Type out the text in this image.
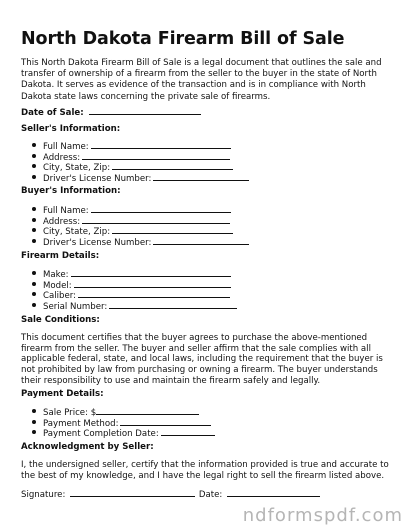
North Dakota Firearm Bill of Sale

This North Dakota Firearm Bill of Sale is a legal document that outlines the sale and transfer of ownership of a firearm from the seller to the buyer in the state of North Dakota. It serves as evidence of the transaction and is in compliance with North Dakota state laws concerning the private sale of firearms.

Date of Sale:
Seller's Information:
Full Name:
Address:
City, State, Zip:
Driver's License Number:
Buyer's Information:
Full Name:
Address:
City, State, Zip:
Driver's License Number:
Firearm Details:
Make:
Model:
Caliber:
Serial Number:
Sale Conditions:

This document certifies that the buyer agrees to purchase the above-mentioned firearm from the seller. The buyer and seller affirm that the sale complies with all applicable federal, state, and local laws, including the requirement that the buyer is not prohibited by law from purchasing or owning a firearm. The buyer understands their responsibility to use and maintain the firearm safely and legally.

Payment Details:
Sale Price: $
Payment Method:
Payment Completion Date:
Acknowledgment by Seller:

I, the undersigned seller, certify that the information provided is true and accurate to the best of my knowledge, and I have the legal right to sell the firearm listed above.

Signature:	Date:
ndformspdf.com
